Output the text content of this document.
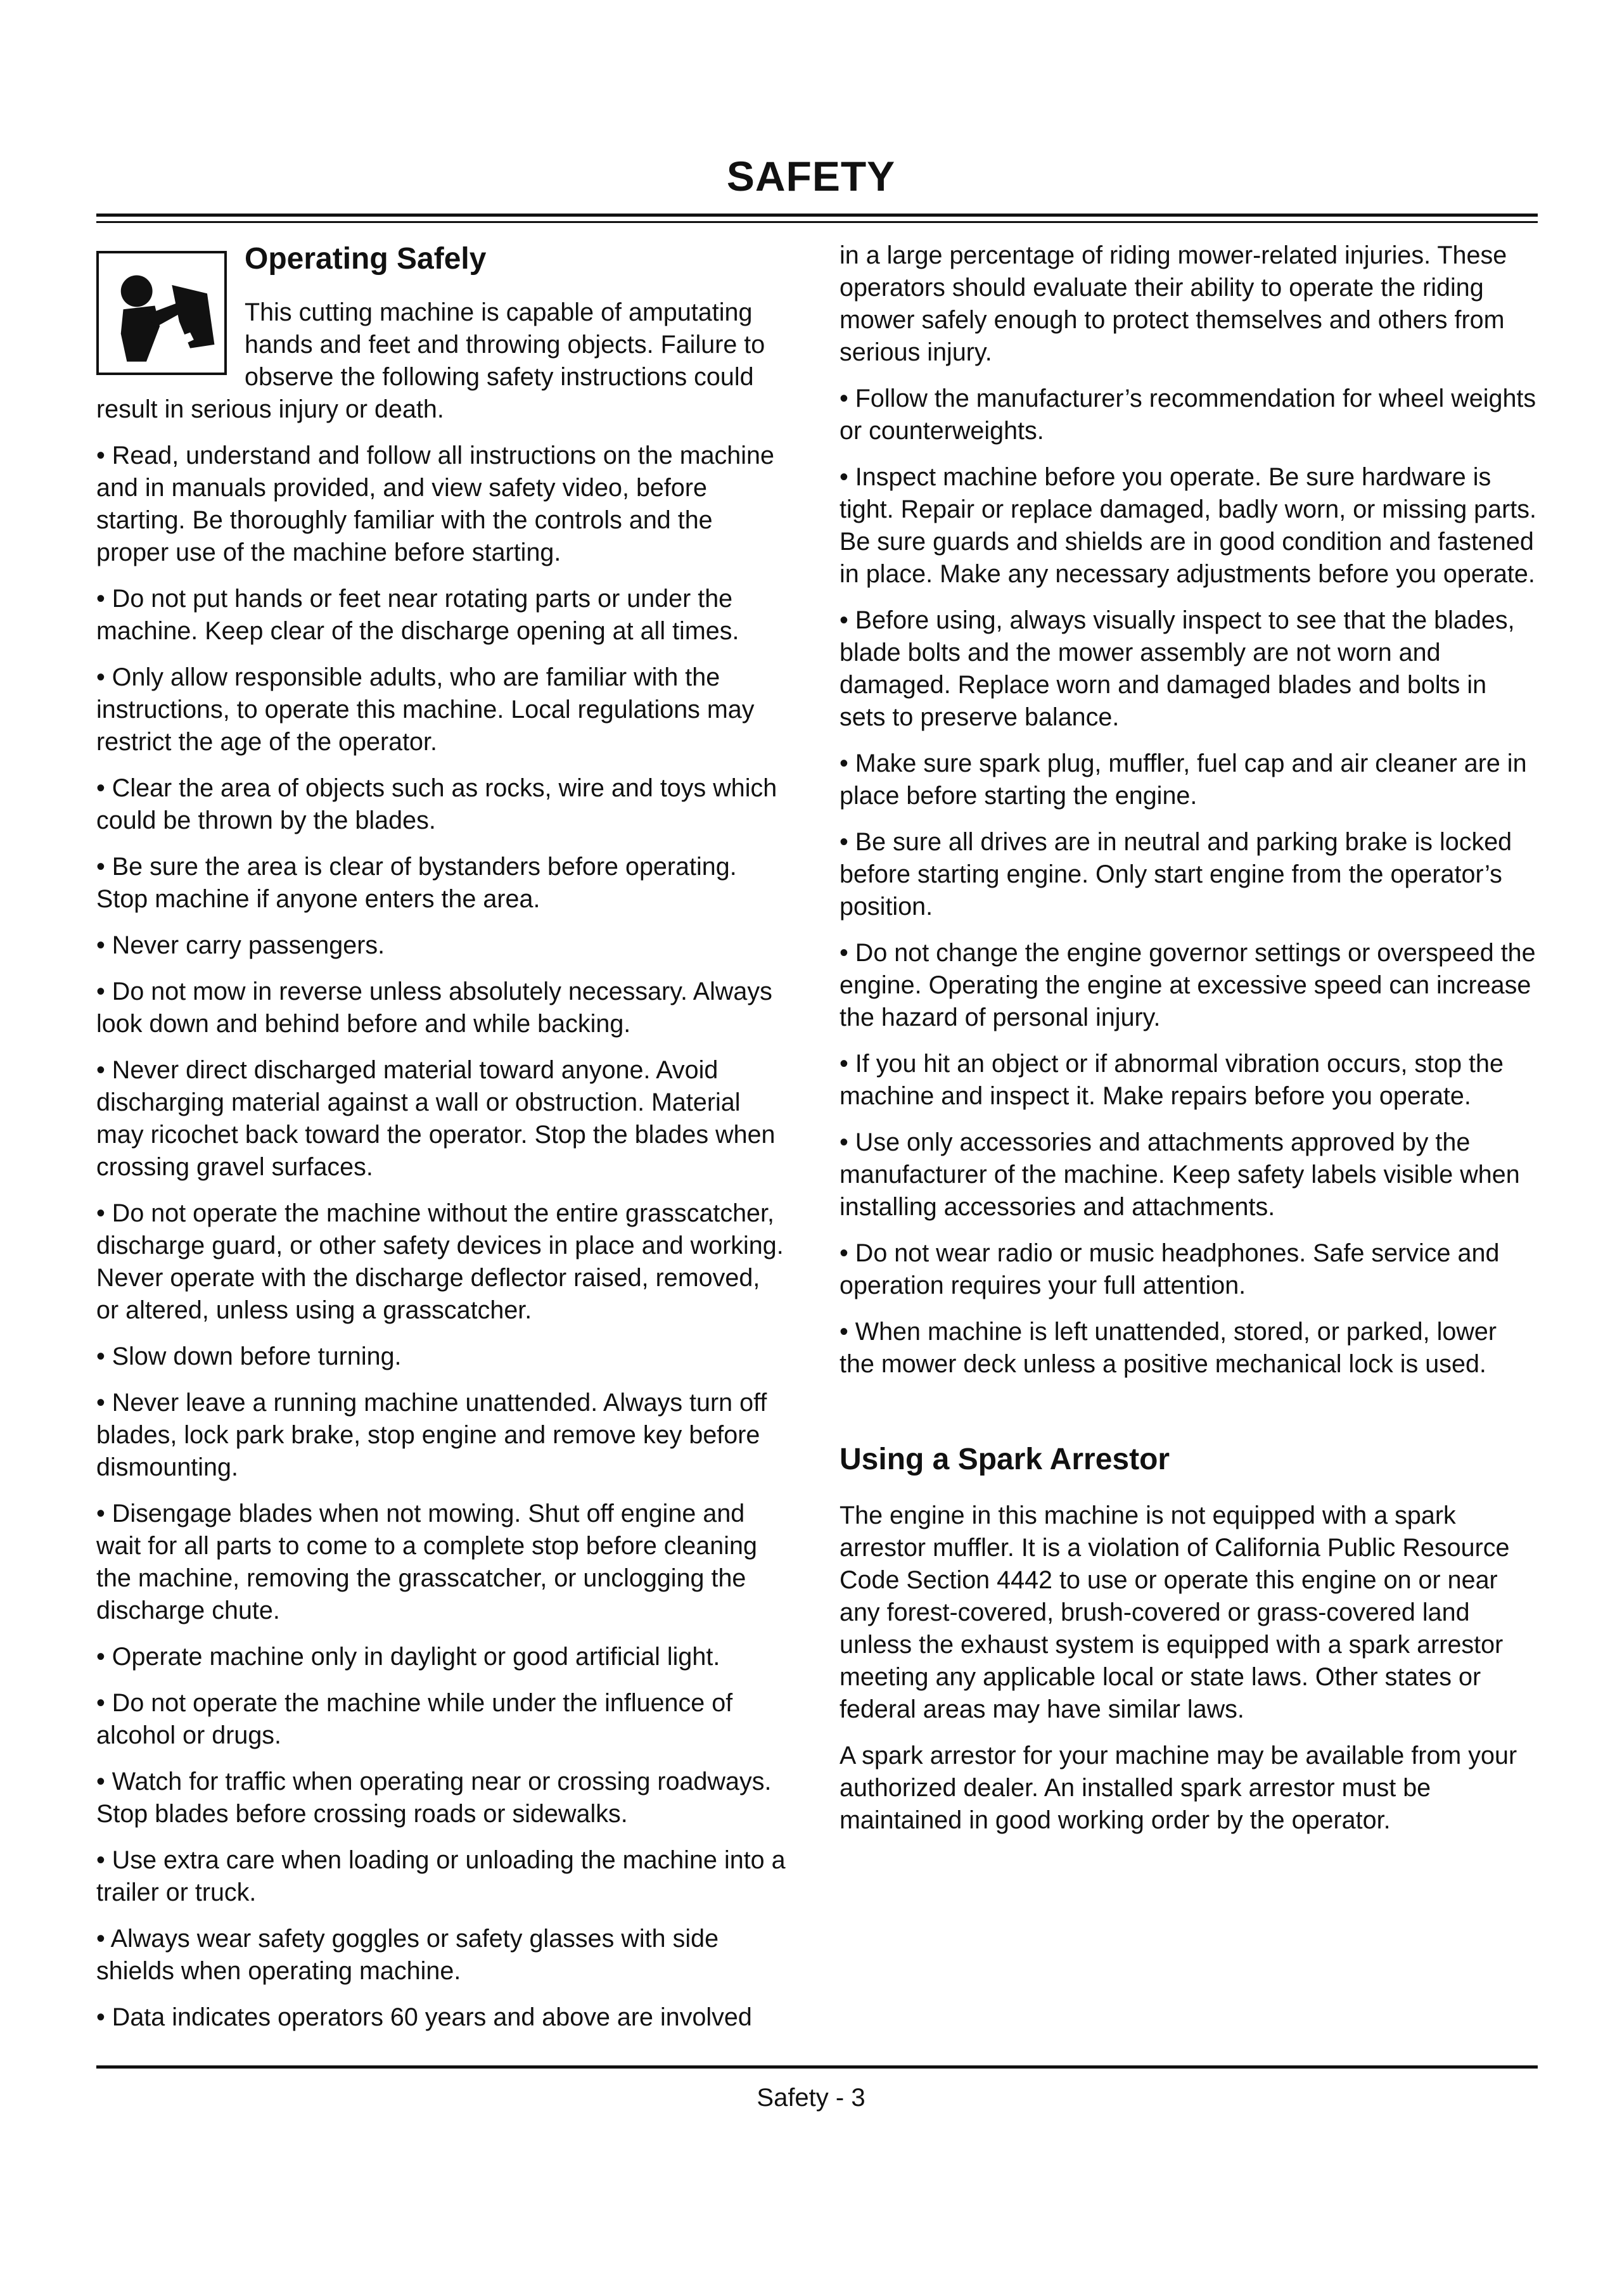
SAFETY
Operating Safely

This cutting machine is capable of amputating hands and feet and throwing objects. Failure to observe the following safety instructions could result in serious injury or death.

• Read, understand and follow all instructions on the machine and in manuals provided, and view safety video, before starting. Be thoroughly familiar with the controls and the proper use of the machine before starting.

• Do not put hands or feet near rotating parts or under the machine. Keep clear of the discharge opening at all times.

• Only allow responsible adults, who are familiar with the instructions, to operate this machine. Local regulations may restrict the age of the operator.

• Clear the area of objects such as rocks, wire and toys which could be thrown by the blades.

• Be sure the area is clear of bystanders before operating. Stop machine if anyone enters the area.

• Never carry passengers.

• Do not mow in reverse unless absolutely necessary. Always look down and behind before and while backing.

• Never direct discharged material toward anyone. Avoid discharging material against a wall or obstruction. Material may ricochet back toward the operator. Stop the blades when crossing gravel surfaces.

• Do not operate the machine without the entire grasscatcher, discharge guard, or other safety devices in place and working. Never operate with the discharge deflector raised, removed, or altered, unless using a grasscatcher.

• Slow down before turning.

• Never leave a running machine unattended. Always turn off blades, lock park brake, stop engine and remove key before dismounting.

• Disengage blades when not mowing. Shut off engine and wait for all parts to come to a complete stop before cleaning the machine, removing the grasscatcher, or unclogging the discharge chute.

• Operate machine only in daylight or good artificial light.

• Do not operate the machine while under the influence of alcohol or drugs.

• Watch for traffic when operating near or crossing roadways. Stop blades before crossing roads or sidewalks.

• Use extra care when loading or unloading the machine into a trailer or truck.

• Always wear safety goggles or safety glasses with side shields when operating machine.

• Data indicates operators 60 years and above are involved

in a large percentage of riding mower-related injuries. These operators should evaluate their ability to operate the riding mower safely enough to protect themselves and others from serious injury.

• Follow the manufacturer’s recommendation for wheel weights or counterweights.

• Inspect machine before you operate. Be sure hardware is tight. Repair or replace damaged, badly worn, or missing parts. Be sure guards and shields are in good condition and fastened in place. Make any necessary adjustments before you operate.

• Before using, always visually inspect to see that the blades, blade bolts and the mower assembly are not worn and damaged. Replace worn and damaged blades and bolts in sets to preserve balance.

• Make sure spark plug, muffler, fuel cap and air cleaner are in place before starting the engine.

• Be sure all drives are in neutral and parking brake is locked before starting engine. Only start engine from the operator’s position.

• Do not change the engine governor settings or overspeed the engine. Operating the engine at excessive speed can increase the hazard of personal injury.

• If you hit an object or if abnormal vibration occurs, stop the machine and inspect it. Make repairs before you operate.

• Use only accessories and attachments approved by the manufacturer of the machine. Keep safety labels visible when installing accessories and attachments.

• Do not wear radio or music headphones. Safe service and operation requires your full attention.

• When machine is left unattended, stored, or parked, lower the mower deck unless a positive mechanical lock is used.

Using a Spark Arrestor

The engine in this machine is not equipped with a spark arrestor muffler. It is a violation of California Public Resource Code Section 4442 to use or operate this engine on or near any forest-covered, brush-covered or grass-covered land unless the exhaust system is equipped with a spark arrestor meeting any applicable local or state laws. Other states or federal areas may have similar laws.

A spark arrestor for your machine may be available from your authorized dealer. An installed spark arrestor must be maintained in good working order by the operator.

Safety - 3
